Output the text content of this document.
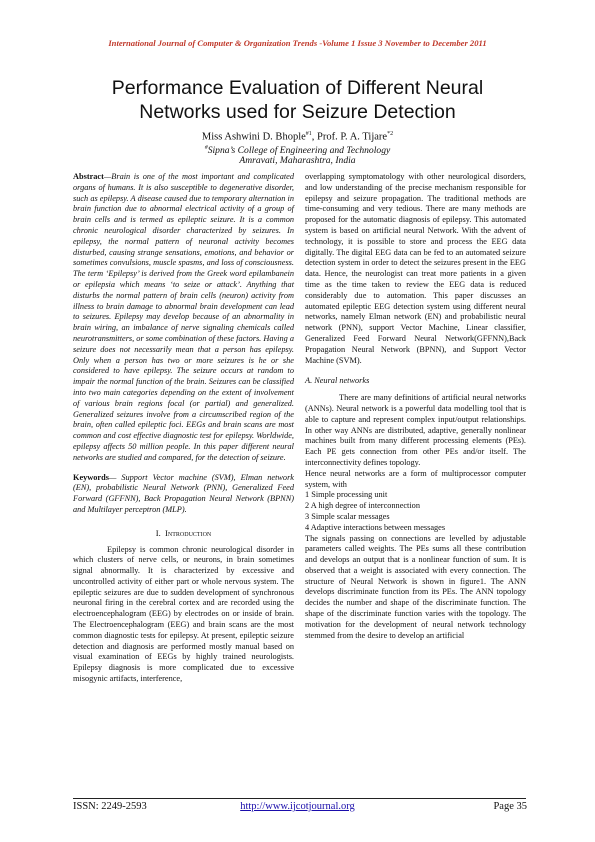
International Journal of Computer & Organization Trends -Volume 1 Issue 3 November to December 2011
Performance Evaluation of Different Neural
Networks used for Seizure Detection
Miss Ashwini D. Bhople$^{\#1}$, Prof. P. A. Tijare$^{*2}$
#Sipna’s College of Engineering and Technology
Amravati, Maharashtra, India

Abstract—Brain is one of the most important and complicated organs of humans. It is also susceptible to degenerative disorder, such as epilepsy. A disease caused due to temporary alternation in brain function due to abnormal electrical activity of a group of brain cells and is termed as epileptic seizure. It is a common chronic neurological disorder characterized by seizures. In epilepsy, the normal pattern of neuronal activity becomes disturbed, causing strange sensations, emotions, and behavior or sometimes convulsions, muscle spasms, and loss of consciousness. The term ‘Epilepsy’ is derived from the Greek word epilambanein or epilepsia which means ‘to seize or attack’. Anything that disturbs the normal pattern of brain cells (neuron) activity from illness to brain damage to abnormal brain development can lead to seizures. Epilepsy may develop because of an abnormality in brain wiring, an imbalance of nerve signaling chemicals called neurotransmitters, or some combination of these factors. Having a seizure does not necessarily mean that a person has epilepsy. Only when a person has two or more seizures is he or she considered to have epilepsy. The seizure occurs at random to impair the normal function of the brain. Seizures can be classified into two main categories depending on the extent of involvement of various brain regions focal (or partial) and generalized. Generalized seizures involve from a circumscribed region of the brain, often called epileptic foci. EEGs and brain scans are most common and cost effective diagnostic test for epilepsy. Worldwide, epilepsy affects 50 million people. In this paper different neural networks are studied and compared, for the detection of seizure.

Keywords— Support Vector machine (SVM), Elman network (EN), probabilistic Neural Network (PNN), Generalized Feed Forward (GFFNN), Back Propagation Neural Network (BPNN) and Multilayer perceptron (MLP).

I. Introduction

Epilepsy is common chronic neurological disorder in which clusters of nerve cells, or neurons, in brain sometimes signal abnormally. It is characterized by excessive and uncontrolled activity of either part or whole nervous system. The epileptic seizures are due to sudden development of synchronous neuronal firing in the cerebral cortex and are recorded using the electroencephalogram (EEG) by electrodes on or inside of brain. The Electroencephalogram (EEG) and brain scans are the most common diagnostic tests for epilepsy. At present, epileptic seizure detection and diagnosis are performed mostly manual based on visual examination of EEGs by highly trained neurologists. Epilepsy diagnosis is more complicated due to excessive misogynic artifacts, interference,

overlapping symptomatology with other neurological disorders, and low understanding of the precise mechanism responsible for epilepsy and seizure propagation. The traditional methods are time-consuming and very tedious. There are many methods are proposed for the automatic diagnosis of epilepsy. This automated system is based on artificial neural Network. With the advent of technology, it is possible to store and process the EEG data digitally. The digital EEG data can be fed to an automated seizure detection system in order to detect the seizures present in the EEG data. Hence, the neurologist can treat more patients in a given time as the time taken to review the EEG data is reduced considerably due to automation. This paper discusses an automated epileptic EEG detection system using different neural networks, namely Elman network (EN) and probabilistic neural network (PNN), support Vector Machine, Linear classifier, Generalized Feed Forward Neural Network(GFFNN),Back Propagation Neural Network (BPNN), and Support Vector Machine (SVM).

A. Neural networks

There are many definitions of artificial neural networks (ANNs). Neural network is a powerful data modelling tool that is able to capture and represent complex input/output relationships. In other way ANNs are distributed, adaptive, generally nonlinear machines built from many different processing elements (PEs). Each PE gets connection from other PEs and/or itself. The interconnectivity defines topology.

Hence neural networks are a form of multiprocessor computer system, with

1 Simple processing unit

2 A high degree of interconnection

3 Simple scalar messages

4 Adaptive interactions between messages

The signals passing on connections are levelled by adjustable parameters called weights. The PEs sums all these contribution and develops an output that is a nonlinear function of sum. It is observed that a weight is associated with every connection. The structure of Neural Network is shown in figure1. The ANN develops discriminate function from its PEs. The ANN topology decides the number and shape of the discriminate function. The shape of the discriminate function varies with the topology. The motivation for the development of neural network technology stemmed from the desire to develop an artificial

ISSN: 2249-2593	http://www.ijcotjournal.org	Page 35
